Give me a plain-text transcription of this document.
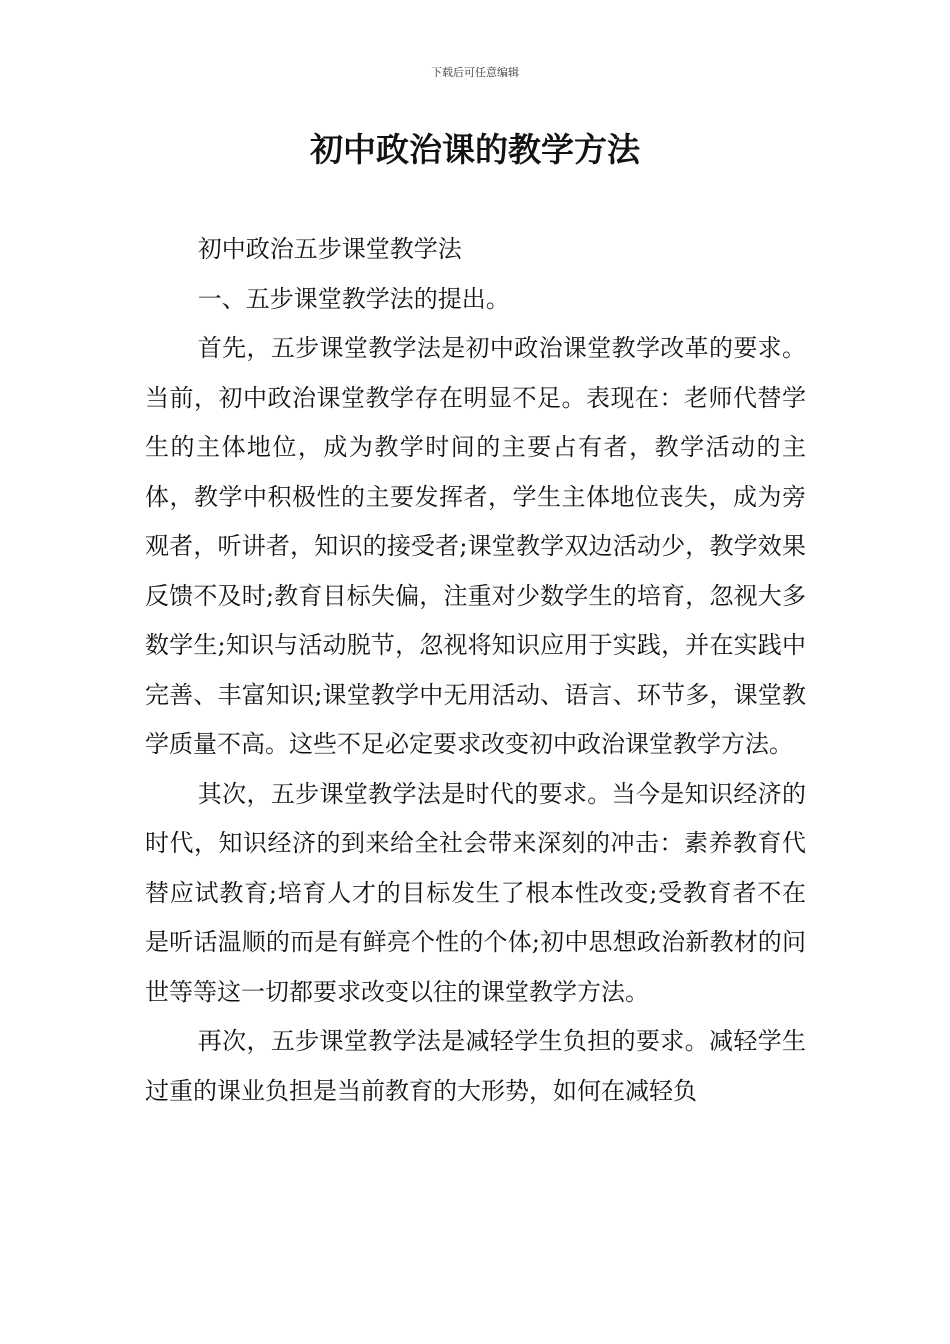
下载后可任意编辑
初中政治课的教学方法

初中政治五步课堂教学法

一、五步课堂教学法的提出。

首先，五步课堂教学法是初中政治课堂教学改革的要求。当前，初中政治课堂教学存在明显不足。表现在：老师代替学生的主体地位，成为教学时间的主要占有者，教学活动的主体，教学中积极性的主要发挥者，学生主体地位丧失，成为旁观者，听讲者，知识的接受者;课堂教学双边活动少，教学效果反馈不及时;教育目标失偏，注重对少数学生的培育，忽视大多数学生;知识与活动脱节，忽视将知识应用于实践，并在实践中完善、丰富知识;课堂教学中无用活动、语言、环节多，课堂教学质量不高。这些不足必定要求改变初中政治课堂教学方法。

其次，五步课堂教学法是时代的要求。当今是知识经济的时代，知识经济的到来给全社会带来深刻的冲击：素养教育代替应试教育;培育人才的目标发生了根本性改变;受教育者不在是听话温顺的而是有鲜亮个性的个体;初中思想政治新教材的问世等等这一切都要求改变以往的课堂教学方法。

再次，五步课堂教学法是减轻学生负担的要求。减轻学生过重的课业负担是当前教育的大形势，如何在减轻负
